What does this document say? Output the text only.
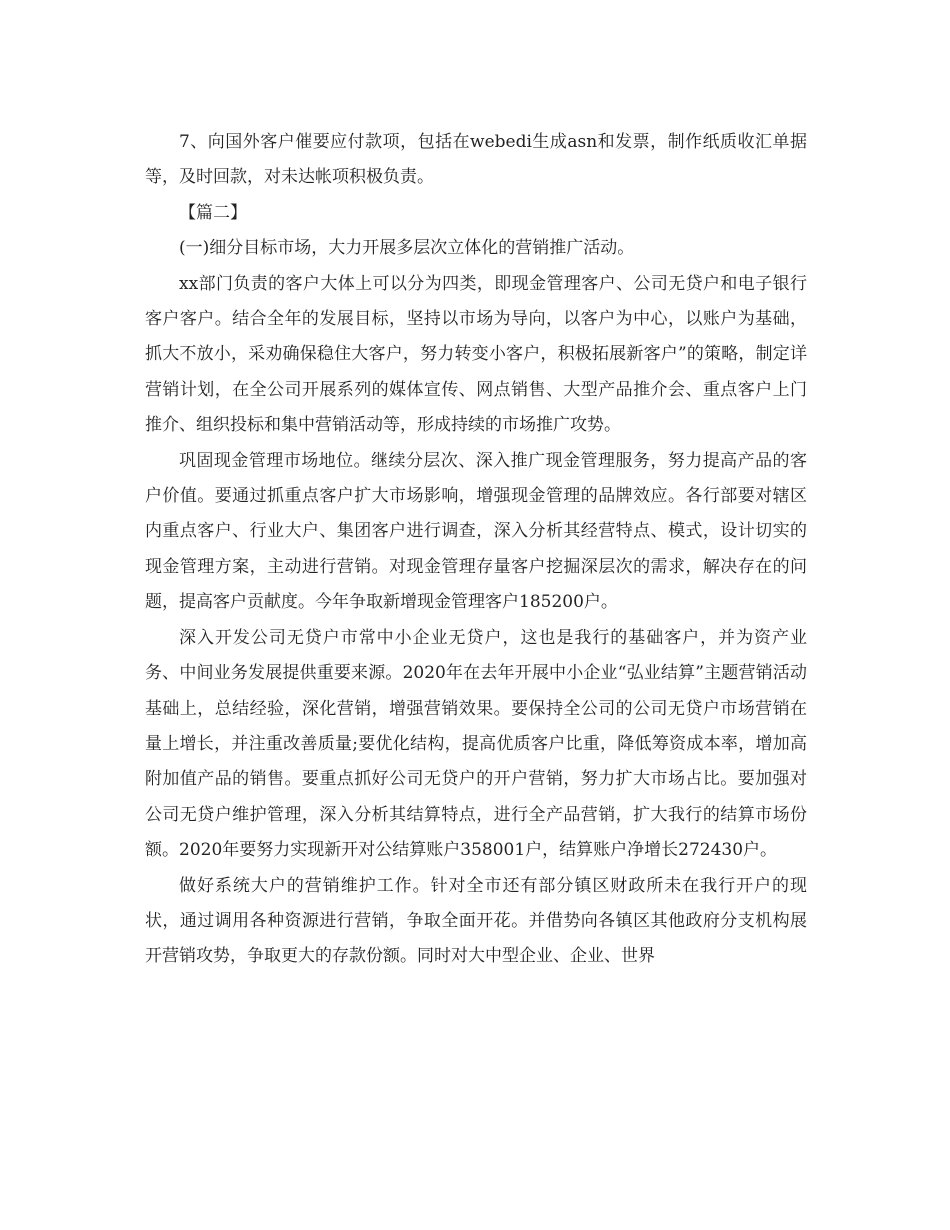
7、向国外客户催要应付款项，包括在webedi生成asn和发票，制作纸质收汇单据等，及时回款，对未达帐项积极负责。

【篇二】

(一)细分目标市场，大力开展多层次立体化的营销推广活动。

xx部门负责的客户大体上可以分为四类，即现金管理客户、公司无贷户和电子银行客户客户。结合全年的发展目标，坚持以市场为导向，以客户为中心，以账户为基础，抓大不放小，采劝确保稳住大客户，努力转变小客户，积极拓展新客户”的策略，制定详营销计划，在全公司开展系列的媒体宣传、网点销售、大型产品推介会、重点客户上门推介、组织投标和集中营销活动等，形成持续的市场推广攻势。

巩固现金管理市场地位。继续分层次、深入推广现金管理服务，努力提高产品的客户价值。要通过抓重点客户扩大市场影响，增强现金管理的品牌效应。各行部要对辖区内重点客户、行业大户、集团客户进行调查，深入分析其经营特点、模式，设计切实的现金管理方案，主动进行营销。对现金管理存量客户挖掘深层次的需求，解决存在的问题，提高客户贡献度。今年争取新增现金管理客户185200户。

深入开发公司无贷户市常中小企业无贷户，这也是我行的基础客户，并为资产业务、中间业务发展提供重要来源。2020年在去年开展中小企业“弘业结算”主题营销活动基础上，总结经验，深化营销，增强营销效果。要保持全公司的公司无贷户市场营销在量上增长，并注重改善质量;要优化结构，提高优质客户比重，降低筹资成本率，增加高附加值产品的销售。要重点抓好公司无贷户的开户营销，努力扩大市场占比。要加强对公司无贷户维护管理，深入分析其结算特点，进行全产品营销，扩大我行的结算市场份额。2020年要努力实现新开对公结算账户358001户，结算账户净增长272430户。

做好系统大户的营销维护工作。针对全市还有部分镇区财政所未在我行开户的现状，通过调用各种资源进行营销，争取全面开花。并借势向各镇区其他政府分支机构展开营销攻势，争取更大的存款份额。同时对大中型企业、企业、世界
